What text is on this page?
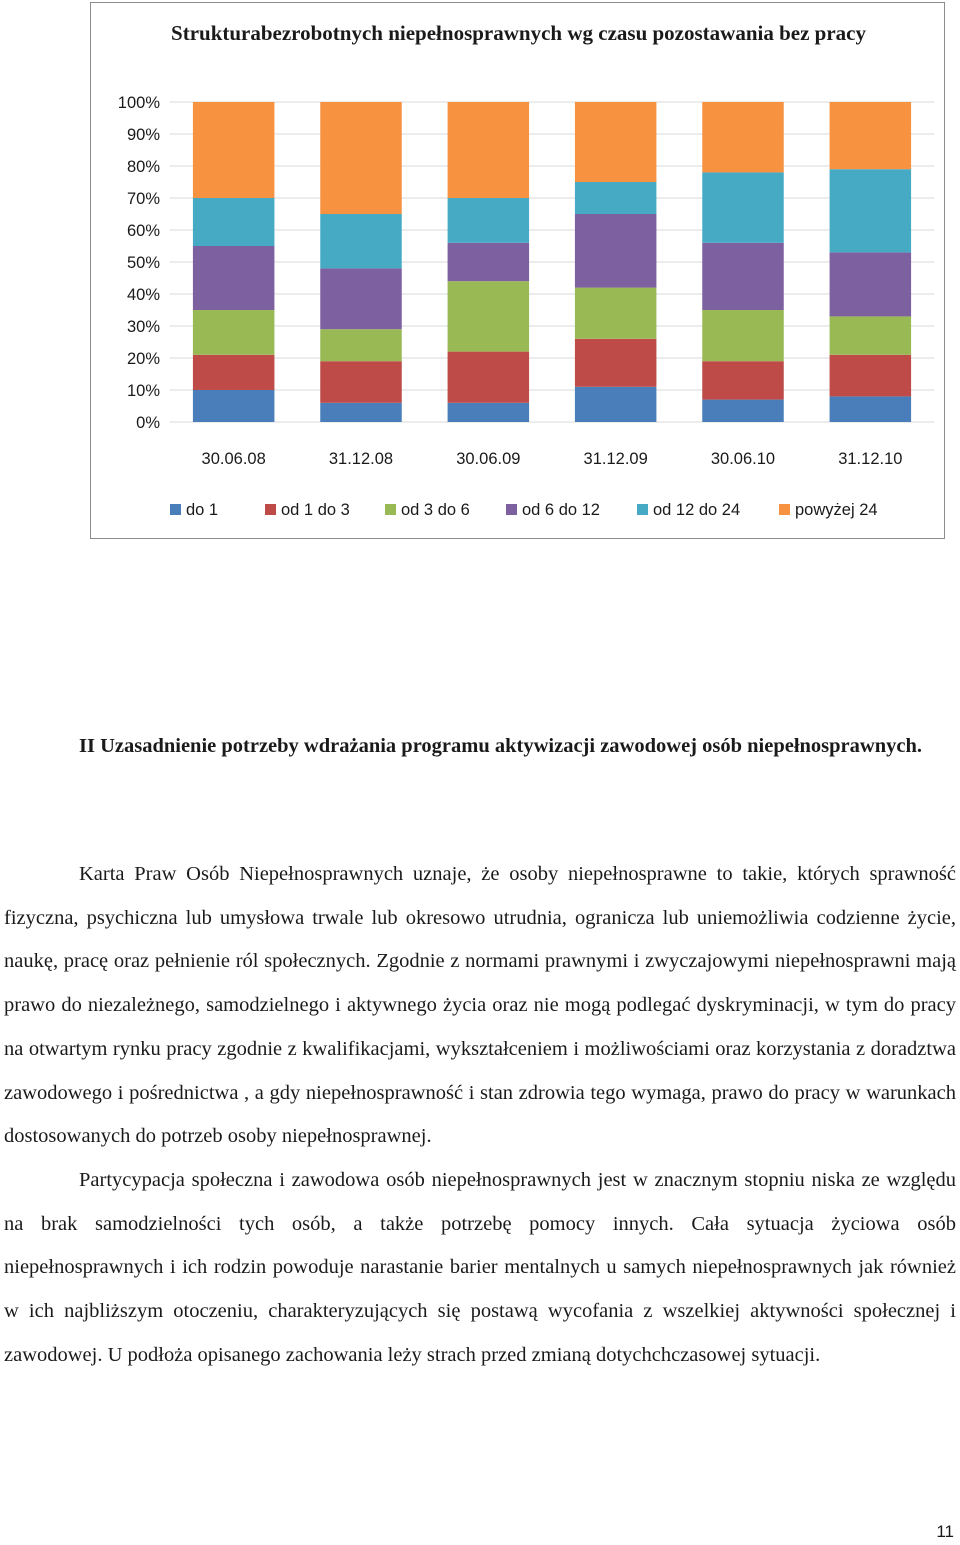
Strukturabezrobotnych niepełnosprawnych wg czasu pozostawania bez pracy
0%
10%
20%
30%
40%
50%
60%
70%
80%
90%
100%
30.06.08	31.12.08	30.06.09	31.12.09	30.06.10	31.12.10
do 1	od 1 do 3	od 3 do 6	od 6 do 12	od 12 do 24	powyżej 24
II Uzasadnienie potrzeby wdrażania programu aktywizacji zawodowej osób niepełnosprawnych.

Karta Praw Osób Niepełnosprawnych uznaje, że osoby niepełnosprawne to takie, których sprawność fizyczna, psychiczna lub umysłowa trwale lub okresowo utrudnia, ogranicza lub uniemożliwia codzienne życie, naukę, pracę oraz pełnienie ról społecznych. Zgodnie z normami prawnymi i zwyczajowymi niepełnosprawni mają prawo do niezależnego, samodzielnego i aktywnego życia oraz nie mogą podlegać dyskryminacji, w tym do pracy na otwartym rynku pracy zgodnie z kwalifikacjami, wykształceniem i możliwościami oraz korzystania z doradztwa zawodowego i pośrednictwa , a gdy niepełnosprawność i stan zdrowia tego wymaga, prawo do pracy w warunkach dostosowanych do potrzeb osoby niepełnosprawnej.

Partycypacja społeczna i zawodowa osób niepełnosprawnych jest w znacznym stopniu niska ze względu na brak samodzielności tych osób, a także potrzebę pomocy innych. Cała sytuacja życiowa osób niepełnosprawnych i ich rodzin powoduje narastanie barier mentalnych u samych niepełnosprawnych jak również w ich najbliższym otoczeniu, charakteryzujących się postawą wycofania z wszelkiej aktywności społecznej i zawodowej. U podłoża opisanego zachowania leży strach przed zmianą dotychchczasowej sytuacji.

11
